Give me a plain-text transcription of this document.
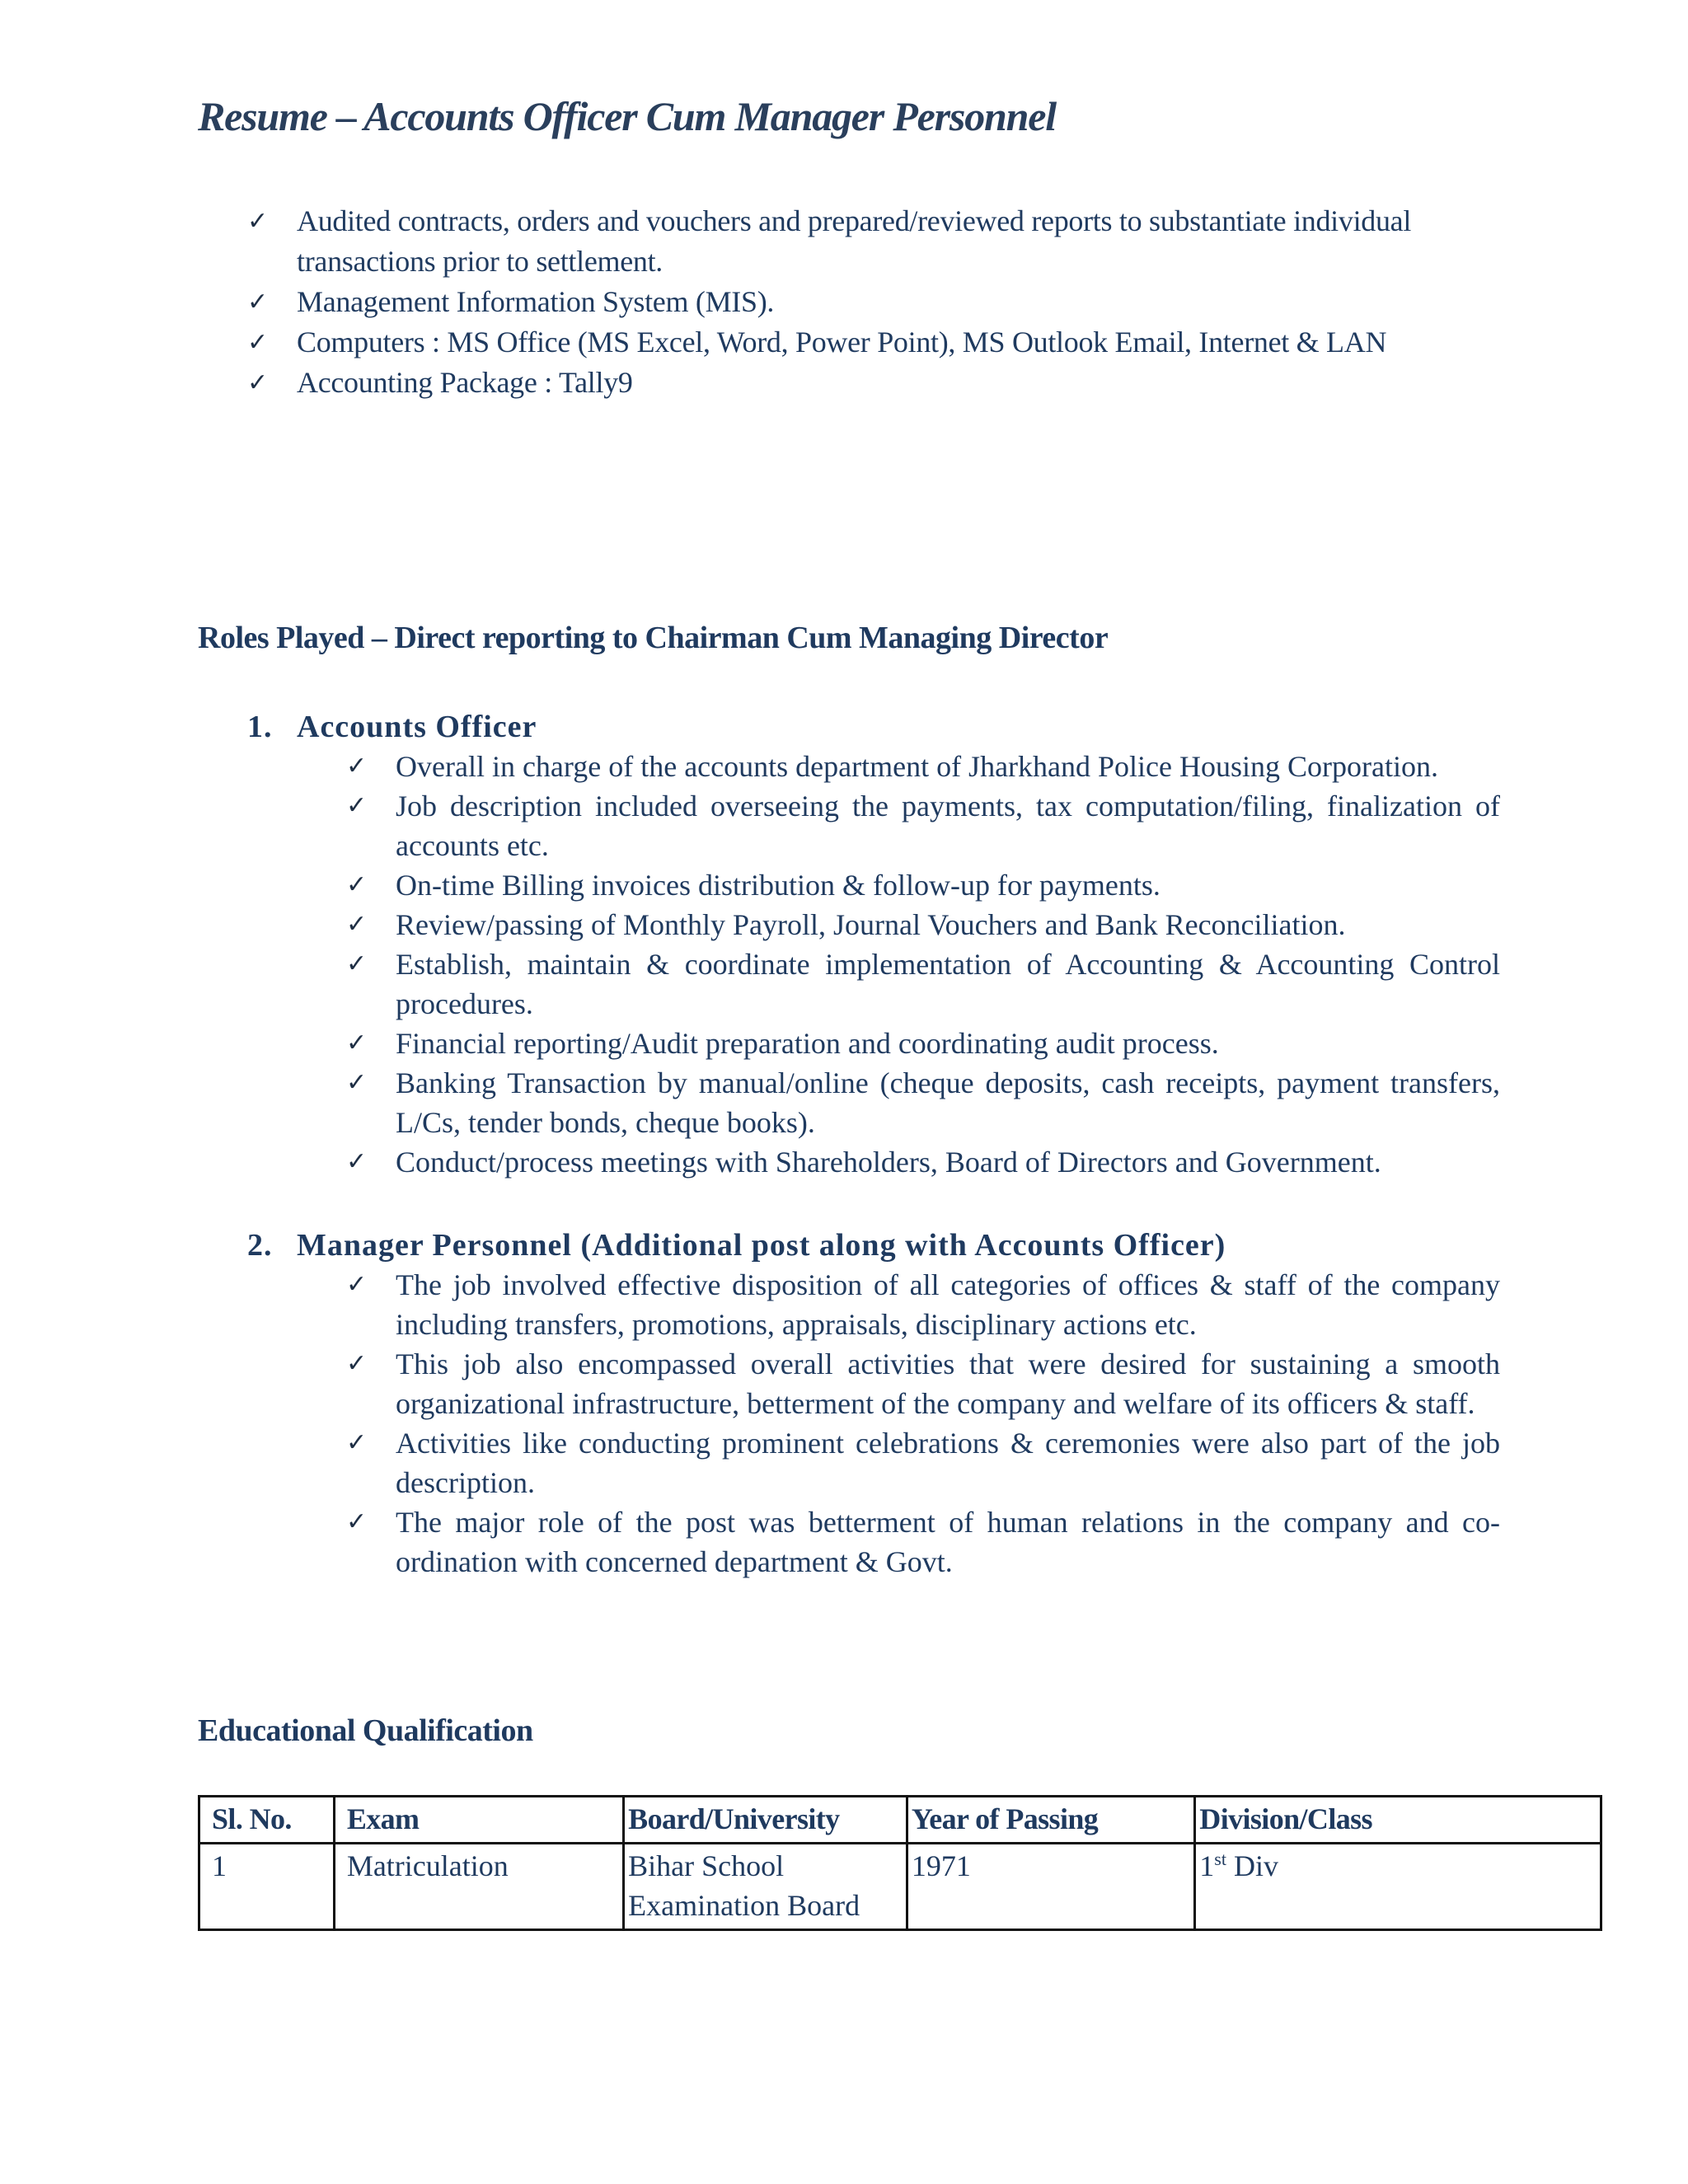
Resume – Accounts Officer Cum Manager Personnel
✓ Audited contracts, orders and vouchers and prepared/reviewed reports to substantiate individual transactions prior to settlement.
✓ Management Information System (MIS).
✓ Computers : MS Office (MS Excel, Word, Power Point), MS Outlook Email, Internet & LAN
✓ Accounting Package : Tally9
Roles Played – Direct reporting to Chairman Cum Managing Director
1. Accounts Officer
✓ Overall in charge of the accounts department of Jharkhand Police Housing Corporation.
✓ Job description included overseeing the payments, tax computation/filing, finalization of accounts etc.
✓ On-time Billing invoices distribution & follow-up for payments.
✓ Review/passing of Monthly Payroll, Journal Vouchers and Bank Reconciliation.
✓ Establish, maintain & coordinate implementation of Accounting & Accounting Control procedures.
✓ Financial reporting/Audit preparation and coordinating audit process.
✓ Banking Transaction by manual/online (cheque deposits, cash receipts, payment transfers, L/Cs, tender bonds, cheque books).
✓ Conduct/process meetings with Shareholders, Board of Directors and Government.
2. Manager Personnel (Additional post along with Accounts Officer)
✓ The job involved effective disposition of all categories of offices & staff of the company including transfers, promotions, appraisals, disciplinary actions etc.
✓ This job also encompassed overall activities that were desired for sustaining a smooth organizational infrastructure, betterment of the company and welfare of its officers & staff.
✓ Activities like conducting prominent celebrations & ceremonies were also part of the job description.
✓ The major role of the post was betterment of human relations in the company and co-ordination with concerned department & Govt.
Educational Qualification
Sl. No.	Exam	Board/University	Year of Passing	Division/Class
1	Matriculation	Bihar School Examination Board	1971	1st Div
